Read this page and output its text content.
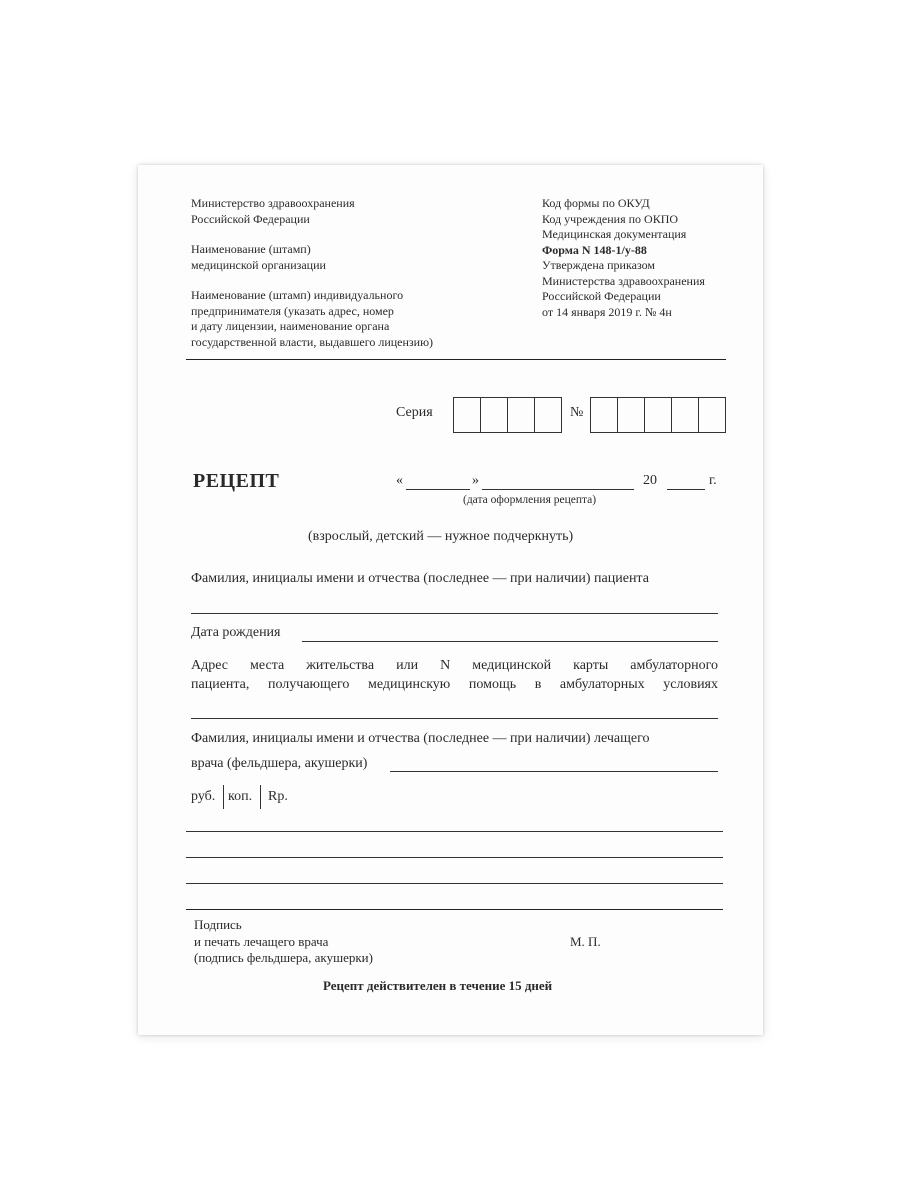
Министерство здравоохранения
Российской Федерации
Наименование (штамп)
медицинской организации
Наименование (штамп) индивидуального
предпринимателя (указать адрес, номер
и дату лицензии, наименование органа
государственной власти, выдавшего лицензию)
Код формы по ОКУД
Код учреждения по ОКПО
Медицинская документация
Форма N 148-1/у-88
Утверждена приказом
Министерства здравоохранения
Российской Федерации
от 14 января 2019 г. № 4н
Серия	№
РЕЦЕПТ	«	»	20	г.
(дата оформления рецепта)
(взрослый, детский — нужное подчеркнуть)
Фамилия, инициалы имени и отчества (последнее — при наличии) пациента
Дата рождения
Адрес места жительства или N медицинской карты амбулаторного
пациента, получающего медицинскую помощь в амбулаторных условиях
Фамилия, инициалы имени и отчества (последнее — при наличии) лечащего
врача (фельдшера, акушерки)
руб. коп. Rp.
Подпись
и печать лечащего врача
(подпись фельдшера, акушерки)
М. П.
Рецепт действителен в течение 15 дней
